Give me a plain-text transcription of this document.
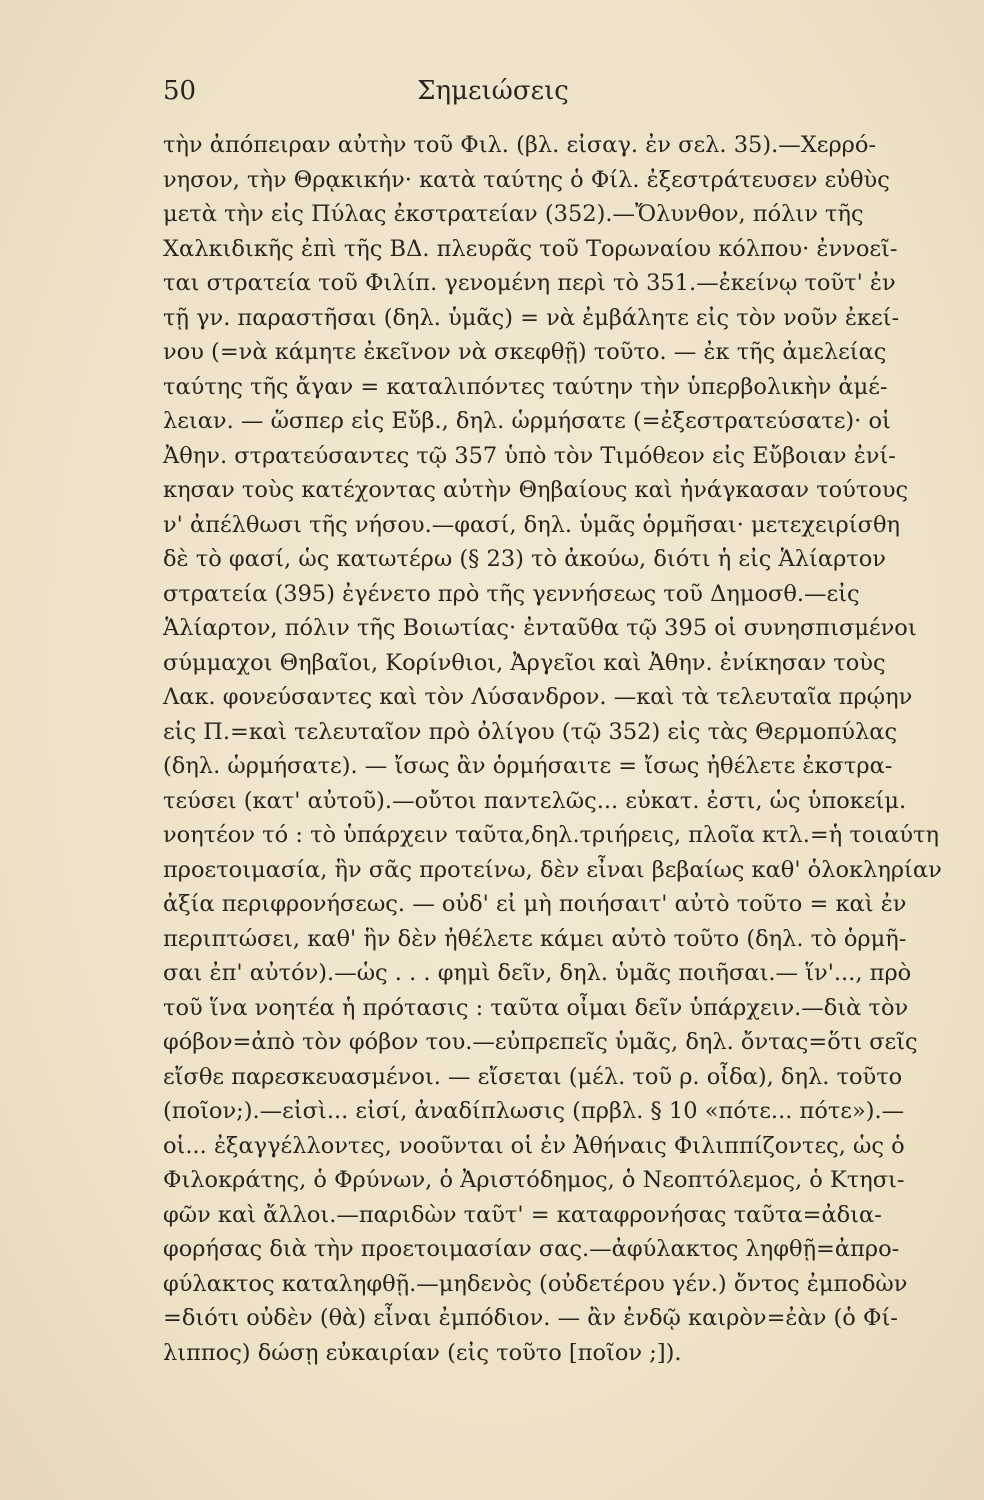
50	Σημειώσεις
τὴν ἀπόπειραν αὐτὴν τοῦ Φιλ. (βλ. εἰσαγ. ἐν σελ. 35).—Χερρό-
νησον, τὴν Θρᾳκικήν· κατὰ ταύτης ὁ Φίλ. ἐξεστράτευσεν εὐθὺς
μετὰ τὴν εἰς Πύλας ἐκστρατείαν (352).—Ὄλυνθον, πόλιν τῆς
Χαλκιδικῆς ἐπὶ τῆς ΒΔ. πλευρᾶς τοῦ Τορωναίου κόλπου· ἐννοεῖ-
ται στρατεία τοῦ Φιλίπ. γενομένη περὶ τὸ 351.—ἐκείνῳ τοῦτ' ἐν
τῇ γν. παραστῆσαι (δηλ. ὑμᾶς) = νὰ ἐμβάλητε εἰς τὸν νοῦν ἐκεί-
νου (=νὰ κάμητε ἐκεῖνον νὰ σκεφθῇ) τοῦτο. — ἐκ τῆς ἀμελείας
ταύτης τῆς ἄγαν = καταλιπόντες ταύτην τὴν ὑπερβολικὴν ἀμέ-
λειαν. — ὥσπερ εἰς Εὔβ., δηλ. ὡρμήσατε (=ἐξεστρατεύσατε)· οἱ
Ἀθην. στρατεύσαντες τῷ 357 ὑπὸ τὸν Τιμόθεον εἰς Εὔβοιαν ἐνί-
κησαν τοὺς κατέχοντας αὐτὴν Θηβαίους καὶ ἠνάγκασαν τούτους
ν' ἀπέλθωσι τῆς νήσου.—φασί, δηλ. ὑμᾶς ὁρμῆσαι· μετεχειρίσθη
δὲ τὸ φασί, ὡς κατωτέρω (§ 23) τὸ ἀκούω, διότι ἡ εἰς Ἁλίαρτον
στρατεία (395) ἐγένετο πρὸ τῆς γεννήσεως τοῦ Δημοσθ.—εἰς
Ἁλίαρτον, πόλιν τῆς Βοιωτίας· ἐνταῦθα τῷ 395 οἱ συνησπισμένοι
σύμμαχοι Θηβαῖοι, Κορίνθιοι, Ἀργεῖοι καὶ Ἀθην. ἐνίκησαν τοὺς
Λακ. φονεύσαντες καὶ τὸν Λύσανδρον. —καὶ τὰ τελευταῖα πρῴην
εἰς Π.=καὶ τελευταῖον πρὸ ὀλίγου (τῷ 352) εἰς τὰς Θερμοπύλας
(δηλ. ὡρμήσατε). — ἴσως ἂν ὁρμήσαιτε = ἴσως ἠθέλετε ἐκστρα-
τεύσει (κατ' αὐτοῦ).—οὔτοι παντελῶς... εὐκατ. ἐστι, ὡς ὑποκείμ.
νοητέον τό : τὸ ὑπάρχειν ταῦτα,δηλ.τριήρεις, πλοῖα κτλ.=ἡ τοιαύτη
προετοιμασία, ἣν σᾶς προτείνω, δὲν εἶναι βεβαίως καθ' ὁλοκληρίαν
ἀξία περιφρονήσεως. — οὐδ' εἰ μὴ ποιήσαιτ' αὐτὸ τοῦτο = καὶ ἐν
περιπτώσει, καθ' ἣν δὲν ἠθέλετε κάμει αὐτὸ τοῦτο (δηλ. τὸ ὁρμῆ-
σαι ἐπ' αὐτόν).—ὡς . . . φημὶ δεῖν, δηλ. ὑμᾶς ποιῆσαι.— ἵν'..., πρὸ
τοῦ ἵνα νοητέα ἡ πρότασις : ταῦτα οἶμαι δεῖν ὑπάρχειν.—διὰ τὸν
φόβον=ἀπὸ τὸν φόβον του.—εὐπρεπεῖς ὑμᾶς, δηλ. ὄντας=ὅτι σεῖς
εἴσθε παρεσκευασμένοι. — εἴσεται (μέλ. τοῦ ρ. οἶδα), δηλ. τοῦτο
(ποῖον;).—εἰσὶ... εἰσί, ἀναδίπλωσις (πρβλ. § 10 «πότε... πότε»).—
οἱ... ἐξαγγέλλοντες, νοοῦνται οἱ ἐν Ἀθήναις Φιλιππίζοντες, ὡς ὁ
Φιλοκράτης, ὁ Φρύνων, ὁ Ἀριστόδημος, ὁ Νεοπτόλεμος, ὁ Κτησι-
φῶν καὶ ἄλλοι.—παριδὼν ταῦτ' = καταφρονήσας ταῦτα=ἀδια-
φορήσας διὰ τὴν προετοιμασίαν σας.—ἀφύλακτος ληφθῇ=ἀπρο-
φύλακτος καταληφθῇ.—μηδενὸς (οὐδετέρου γέν.) ὄντος ἐμποδὼν
=διότι οὐδὲν (θὰ) εἶναι ἐμπόδιον. — ἂν ἐνδῷ καιρὸν=ἐὰν (ὁ Φί-
λιππος) δώσῃ εὐκαιρίαν (εἰς τοῦτο [ποῖον ;]).
